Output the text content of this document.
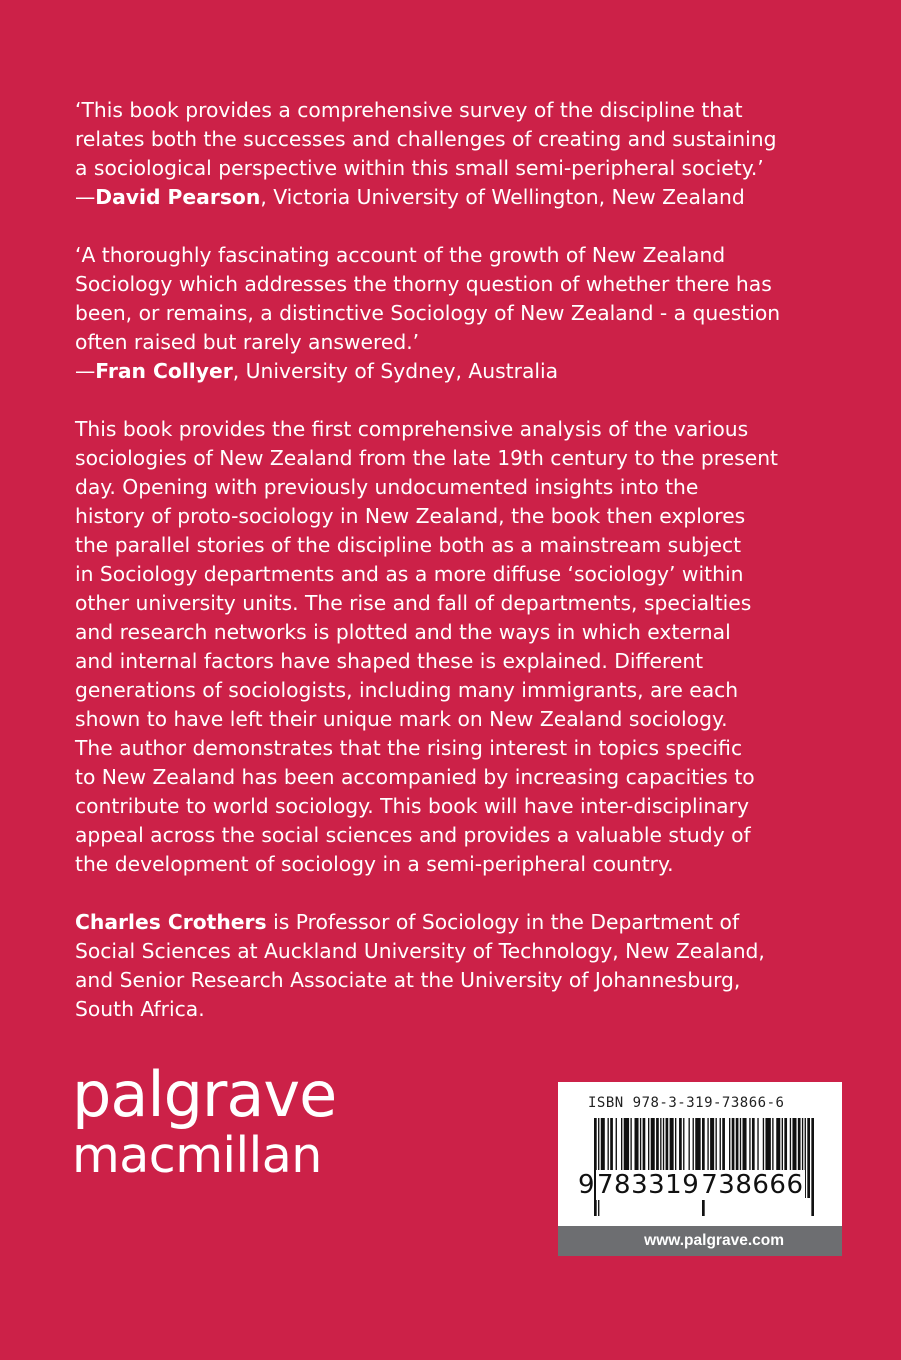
‘This book provides a comprehensive survey of the discipline that
relates both the successes and challenges of creating and sustaining
a sociological perspective within this small semi-peripheral society.’
—David Pearson, Victoria University of Wellington, New Zealand

‘A thoroughly fascinating account of the growth of New Zealand
Sociology which addresses the thorny question of whether there has
been, or remains, a distinctive Sociology of New Zealand - a question
often raised but rarely answered.’
—Fran Collyer, University of Sydney, Australia

This book provides the first comprehensive analysis of the various
sociologies of New Zealand from the late 19th century to the present
day. Opening with previously undocumented insights into the
history of proto-sociology in New Zealand, the book then explores
the parallel stories of the discipline both as a mainstream subject
in Sociology departments and as a more diffuse ‘sociology’ within
other university units. The rise and fall of departments, specialties
and research networks is plotted and the ways in which external
and internal factors have shaped these is explained. Different
generations of sociologists, including many immigrants, are each
shown to have left their unique mark on New Zealand sociology.
The author demonstrates that the rising interest in topics specific
to New Zealand has been accompanied by increasing capacities to
contribute to world sociology. This book will have inter-disciplinary
appeal across the social sciences and provides a valuable study of
the development of sociology in a semi-peripheral country.

Charles Crothers is Professor of Sociology in the Department of
Social Sciences at Auckland University of Technology, New Zealand,
and Senior Research Associate at the University of Johannesburg,
South Africa.

palgrave
macmillan
ISBN 978-3-319-73866-6
9783319738666
www.palgrave.com
